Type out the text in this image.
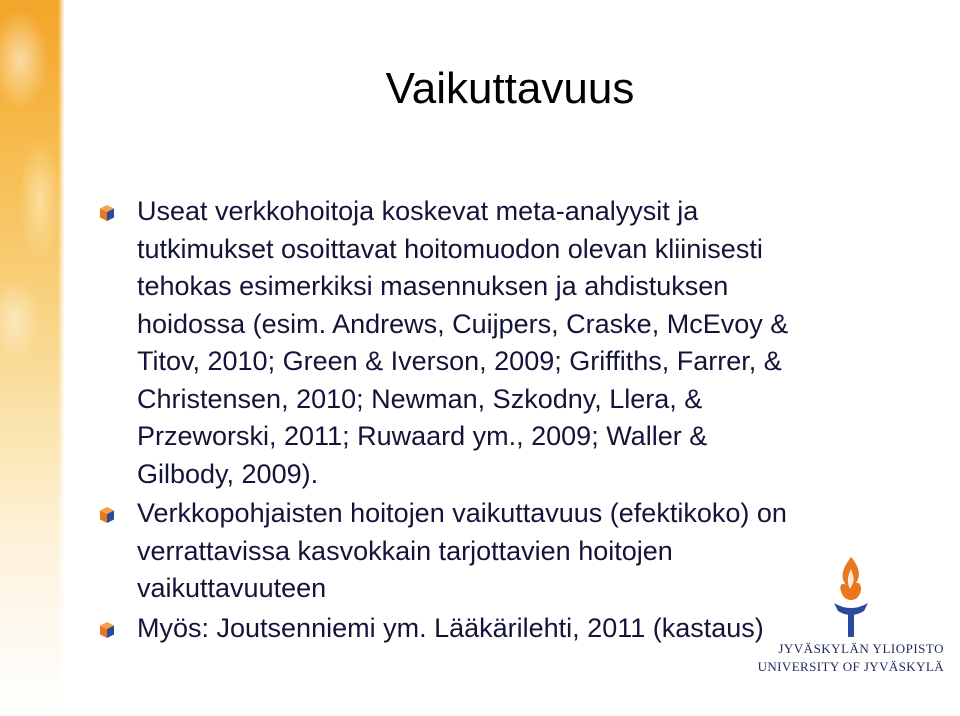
Vaikuttavuus
Useat verkkohoitoja koskevat meta-analyysit ja
tutkimukset osoittavat hoitomuodon olevan kliinisesti
tehokas esimerkiksi masennuksen ja ahdistuksen
hoidossa (esim. Andrews, Cuijpers, Craske, McEvoy &
Titov, 2010; Green & Iverson, 2009; Griffiths, Farrer, &
Christensen, 2010; Newman, Szkodny, Llera, &
Przeworski, 2011; Ruwaard ym., 2009; Waller &
Gilbody, 2009).
Verkkopohjaisten hoitojen vaikuttavuus (efektikoko) on
verrattavissa kasvokkain tarjottavien hoitojen
vaikuttavuuteen
Myös: Joutsenniemi ym. Lääkärilehti, 2011 (kastaus)
JYVÄSKYLÄN YLIOPISTO
UNIVERSITY OF JYVÄSKYLÄ
